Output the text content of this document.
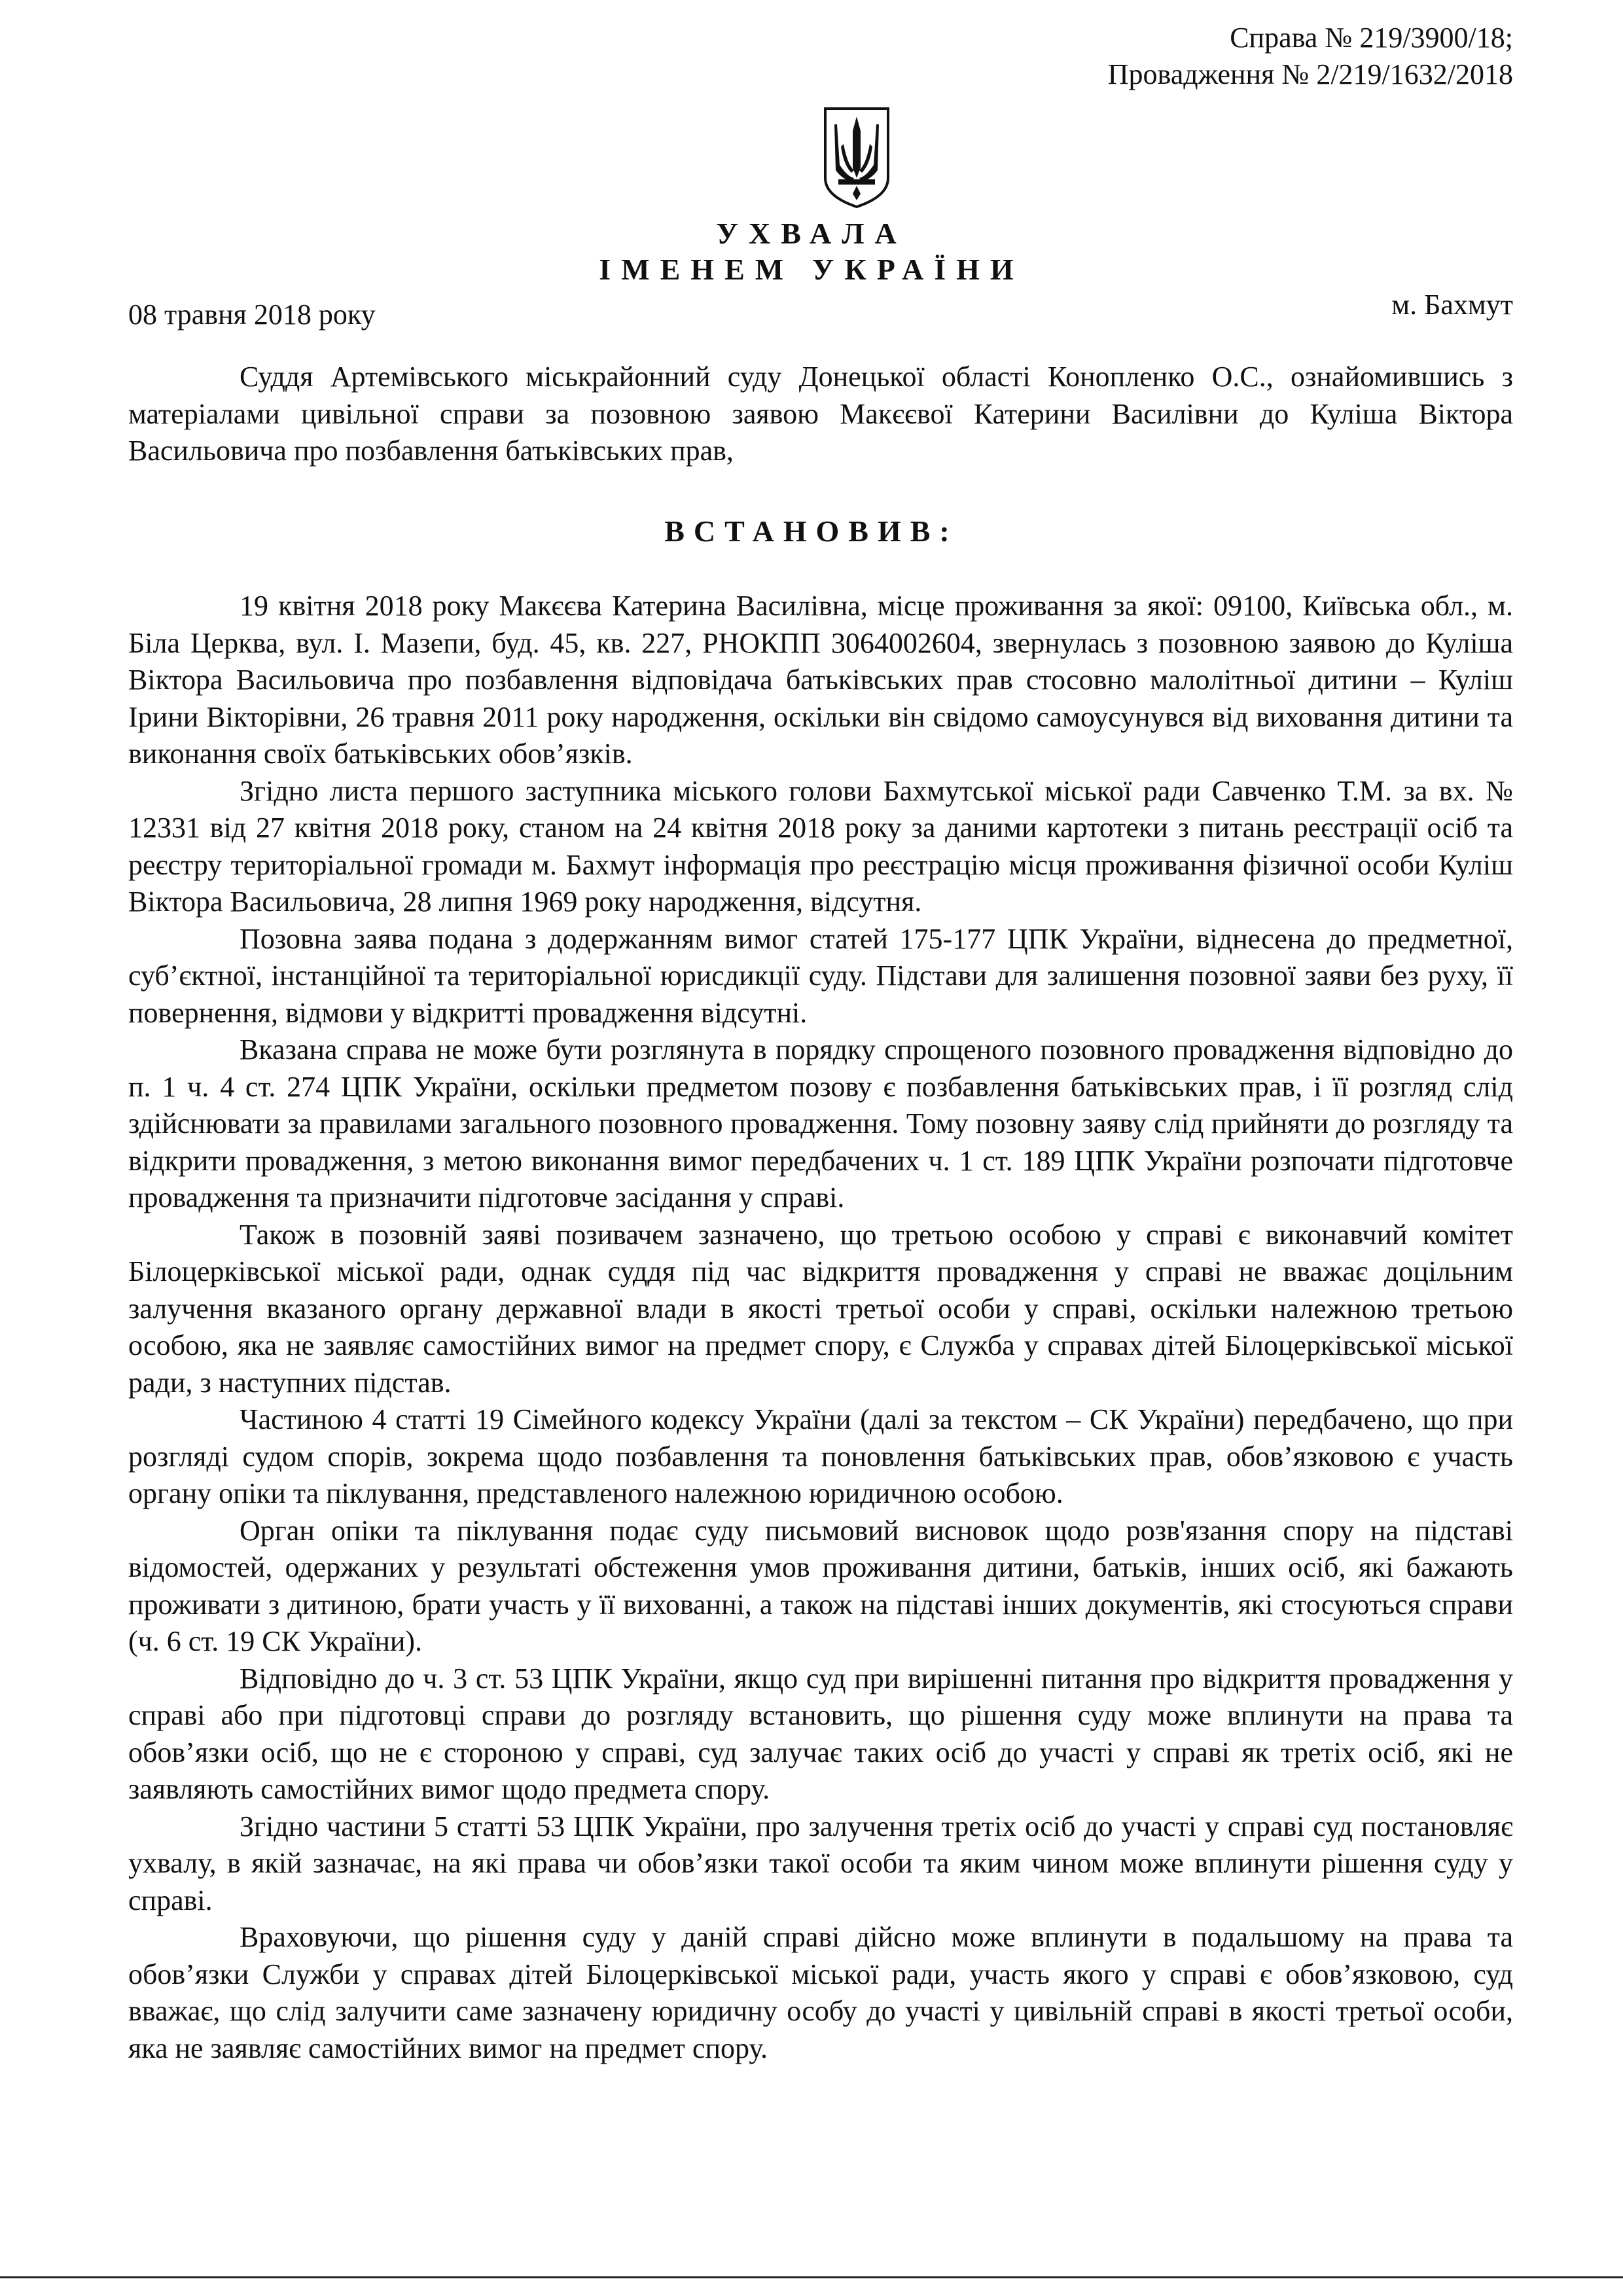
Справа № 219/3900/18;
Провадження № 2/219/1632/2018
УХВАЛА
ІМЕНЕМ УКРАЇНИ
08 травня 2018 року	м. Бахмут

Суддя Артемівського міськрайонний суду Донецької області Конопленко О.С., ознайомившись з матеріалами цивільної справи за позовною заявою Макєєвої Катерини Василівни до Куліша Віктора Васильовича про позбавлення батьківських прав,

ВСТАНОВИВ:

19 квітня 2018 року Макєєва Катерина Василівна, місце проживання за якої: 09100, Київська обл., м. Біла Церква, вул. І. Мазепи, буд. 45, кв. 227, РНОКПП 3064002604, звернулась з позовною заявою до Куліша Віктора Васильовича про позбавлення відповідача батьківських прав стосовно малолітньої дитини – Куліш Ірини Вікторівни, 26 травня 2011 року народження, оскільки він свідомо самоусунувся від виховання дитини та виконання своїх батьківських обов’язків.

Згідно листа першого заступника міського голови Бахмутської міської ради Савченко Т.М. за вх. № 12331 від 27 квітня 2018 року, станом на 24 квітня 2018 року за даними картотеки з питань реєстрації осіб та реєстру територіальної громади м. Бахмут інформація про реєстрацію місця проживання фізичної особи Куліш Віктора Васильовича, 28 липня 1969 року народження, відсутня.

Позовна заява подана з додержанням вимог статей 175-177 ЦПК України, віднесена до предметної, суб’єктної, інстанційної та територіальної юрисдикції суду. Підстави для залишення позовної заяви без руху, її повернення, відмови у відкритті провадження відсутні.

Вказана справа не може бути розглянута в порядку спрощеного позовного провадження відповідно до п. 1 ч. 4 ст. 274 ЦПК України, оскільки предметом позову є позбавлення батьківських прав, і її розгляд слід здійснювати за правилами загального позовного провадження. Тому позовну заяву слід прийняти до розгляду та відкрити провадження, з метою виконання вимог передбачених ч. 1 ст. 189 ЦПК України розпочати підготовче провадження та призначити підготовче засідання у справі.

Також в позовній заяві позивачем зазначено, що третьою особою у справі є виконавчий комітет Білоцерківської міської ради, однак суддя під час відкриття провадження у справі не вважає доцільним залучення вказаного органу державної влади в якості третьої особи у справі, оскільки належною третьою особою, яка не заявляє самостійних вимог на предмет спору, є Служба у справах дітей Білоцерківської міської ради, з наступних підстав.

Частиною 4 статті 19 Сімейного кодексу України (далі за текстом – СК України) передбачено, що при розгляді судом спорів, зокрема щодо позбавлення та поновлення батьківських прав, обов’язковою є участь органу опіки та піклування, представленого належною юридичною особою.

Орган опіки та піклування подає суду письмовий висновок щодо розв'язання спору на підставі відомостей, одержаних у результаті обстеження умов проживання дитини, батьків, інших осіб, які бажають проживати з дитиною, брати участь у її вихованні, а також на підставі інших документів, які стосуються справи (ч. 6 ст. 19 СК України).

Відповідно до ч. 3 ст. 53 ЦПК України, якщо суд при вирішенні питання про відкриття провадження у справі або при підготовці справи до розгляду встановить, що рішення суду може вплинути на права та обов’язки осіб, що не є стороною у справі, суд залучає таких осіб до участі у справі як третіх осіб, які не заявляють самостійних вимог щодо предмета спору.

Згідно частини 5 статті 53 ЦПК України, про залучення третіх осіб до участі у справі суд постановляє ухвалу, в якій зазначає, на які права чи обов’язки такої особи та яким чином може вплинути рішення суду у справі.

Враховуючи, що рішення суду у даній справі дійсно може вплинути в подальшому на права та обов’язки Служби у справах дітей Білоцерківської міської ради, участь якого у справі є обов’язковою, суд вважає, що слід залучити саме зазначену юридичну особу до участі у цивільній справі в якості третьої особи, яка не заявляє самостійних вимог на предмет спору.
